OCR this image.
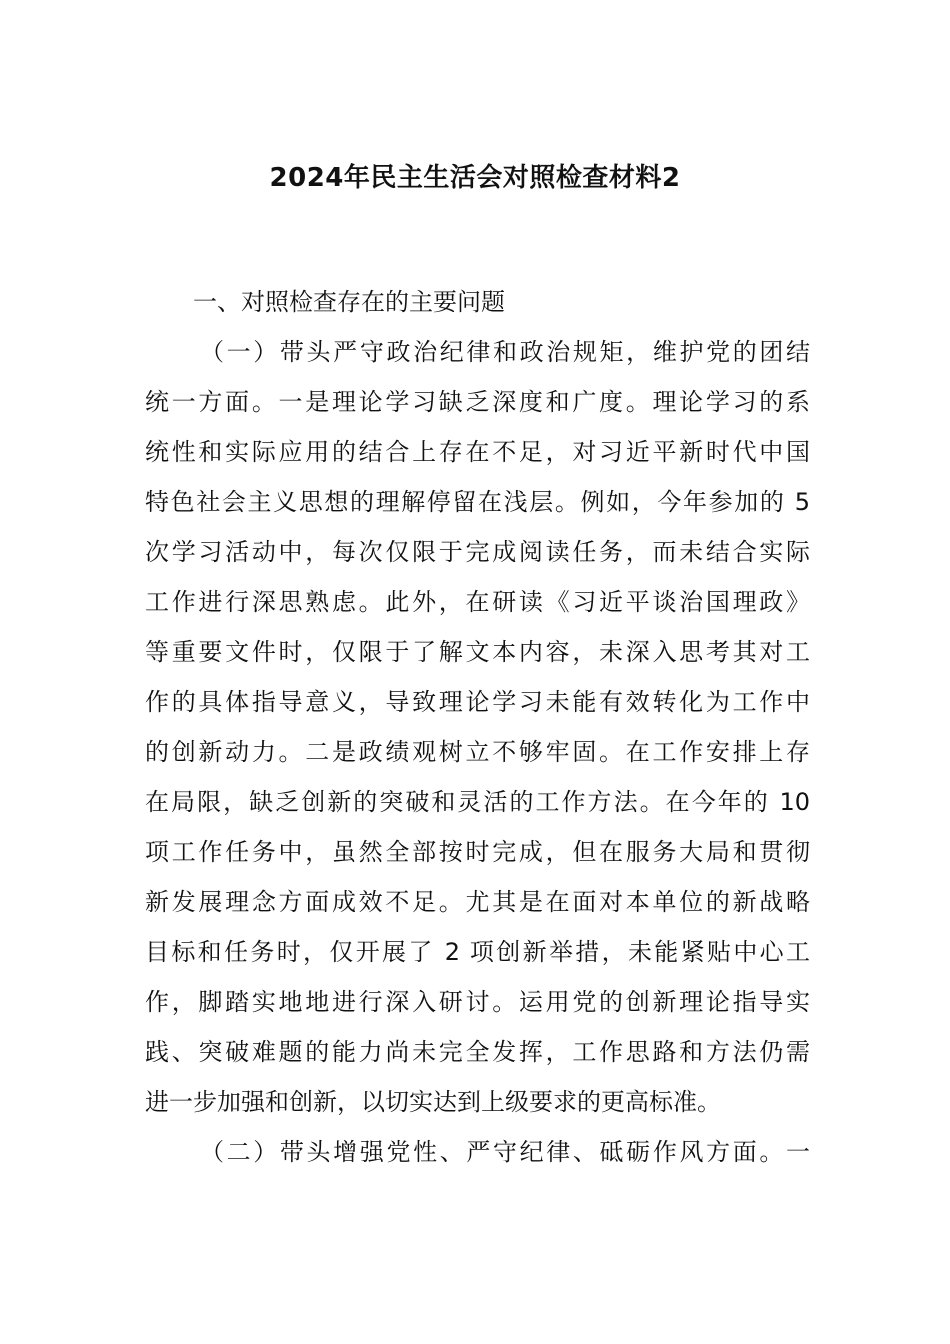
2024年民主生活会对照检查材料2
一、对照检查存在的主要问题
（一）带头严守政治纪律和政治规矩，维护党的团结
统一方面。一是理论学习缺乏深度和广度。理论学习的系
统性和实际应用的结合上存在不足，对习近平新时代中国
特色社会主义思想的理解停留在浅层。例如，今年参加的 5
次学习活动中，每次仅限于完成阅读任务，而未结合实际
工作进行深思熟虑。此外，在研读《习近平谈治国理政》
等重要文件时，仅限于了解文本内容，未深入思考其对工
作的具体指导意义，导致理论学习未能有效转化为工作中
的创新动力。二是政绩观树立不够牢固。在工作安排上存
在局限，缺乏创新的突破和灵活的工作方法。在今年的 10
项工作任务中，虽然全部按时完成，但在服务大局和贯彻
新发展理念方面成效不足。尤其是在面对本单位的新战略
目标和任务时，仅开展了 2 项创新举措，未能紧贴中心工
作，脚踏实地地进行深入研讨。运用党的创新理论指导实
践、突破难题的能力尚未完全发挥，工作思路和方法仍需
进一步加强和创新，以切实达到上级要求的更高标准。
（二）带头增强党性、严守纪律、砥砺作风方面。一
